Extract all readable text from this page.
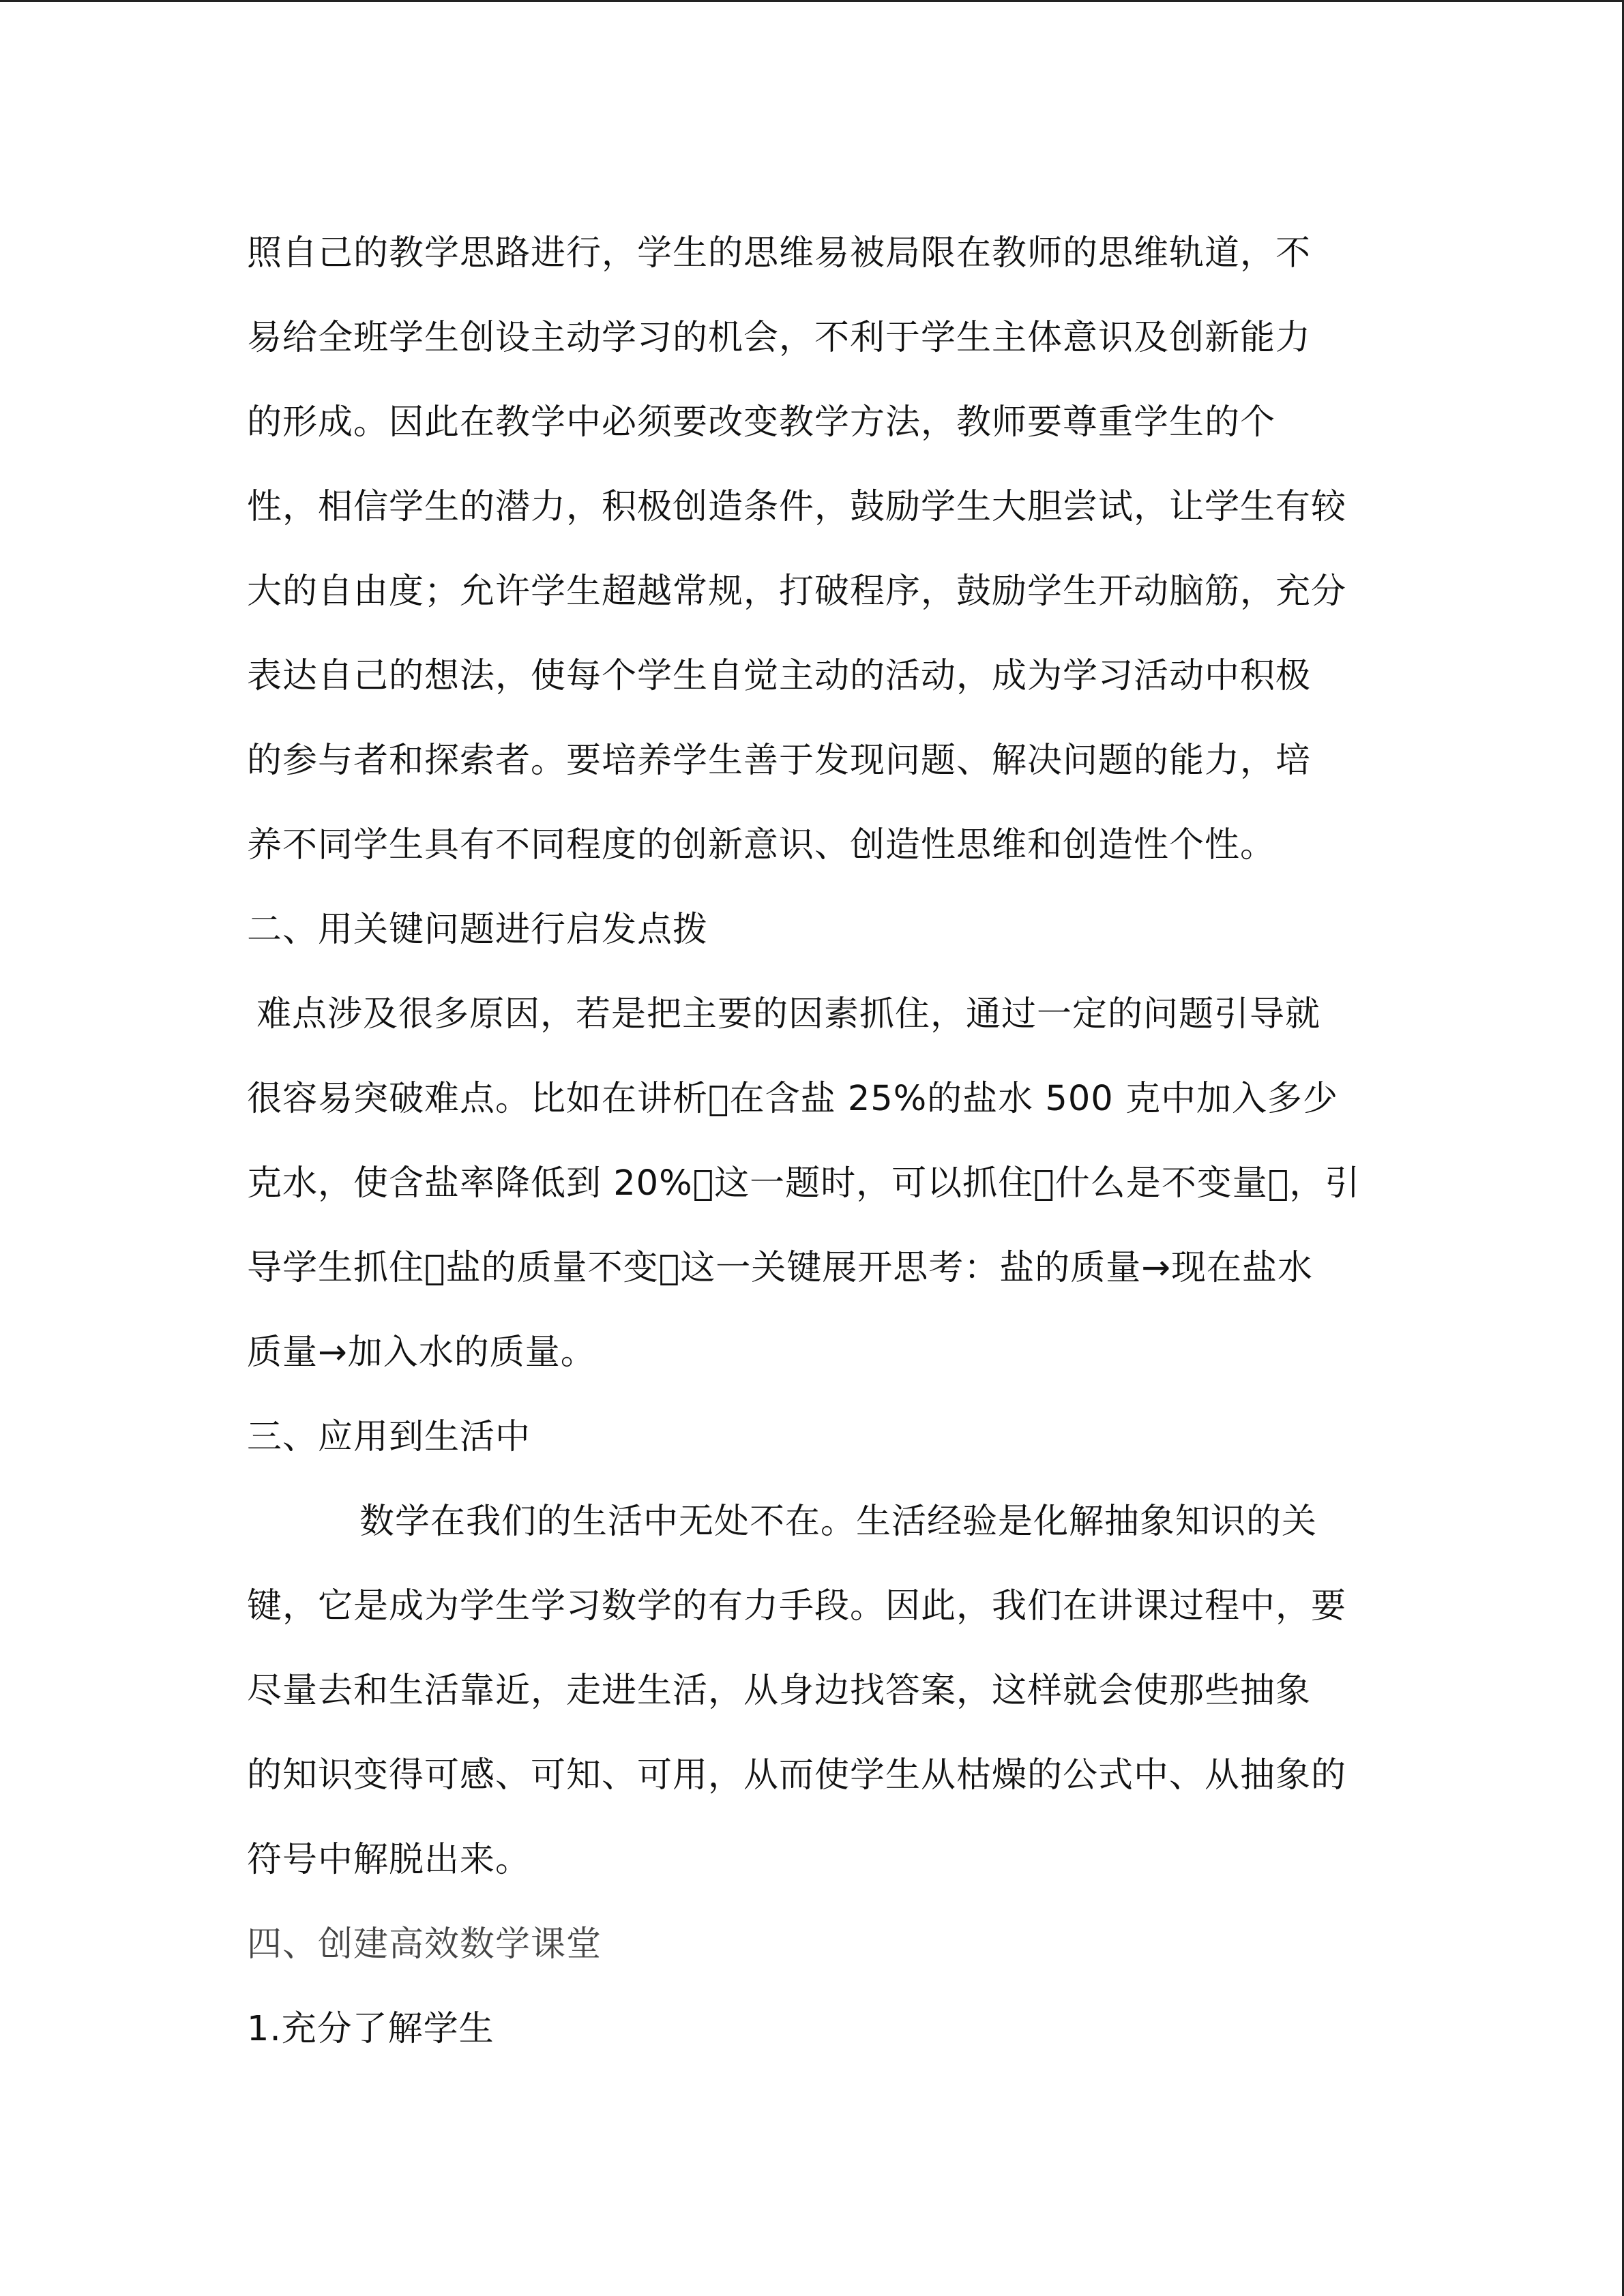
照自己的教学思路进行，学生的思维易被局限在教师的思维轨道，不
易给全班学生创设主动学习的机会，不利于学生主体意识及创新能力
的形成。因此在教学中必须要改变教学方法，教师要尊重学生的个
性，相信学生的潜力，积极创造条件，鼓励学生大胆尝试，让学生有较
大的自由度；允许学生超越常规，打破程序，鼓励学生开动脑筋，充分
表达自己的想法，使每个学生自觉主动的活动，成为学习活动中积极
的参与者和探索者。要培养学生善于发现问题、解决问题的能力，培
养不同学生具有不同程度的创新意识、创造性思维和创造性个性。
二、用关键问题进行启发点拨
难点涉及很多原因，若是把主要的因素抓住，通过一定的问题引导就
很容易突破难点。比如在讲析 在含盐 25%的盐水 500 克中加入多少
克水，使含盐率降低到 20% 这一题时，可以抓住 什么是不变量 ，引
导学生抓住 盐的质量不变 这一关键展开思考：盐的质量→现在盐水
质量→加入水的质量。
三、应用到生活中
数学在我们的生活中无处不在。生活经验是化解抽象知识的关
键，它是成为学生学习数学的有力手段。因此，我们在讲课过程中，要
尽量去和生活靠近，走进生活，从身边找答案，这样就会使那些抽象
的知识变得可感、可知、可用，从而使学生从枯燥的公式中、从抽象的
符号中解脱出来。
四、创建高效数学课堂
1.充分了解学生
